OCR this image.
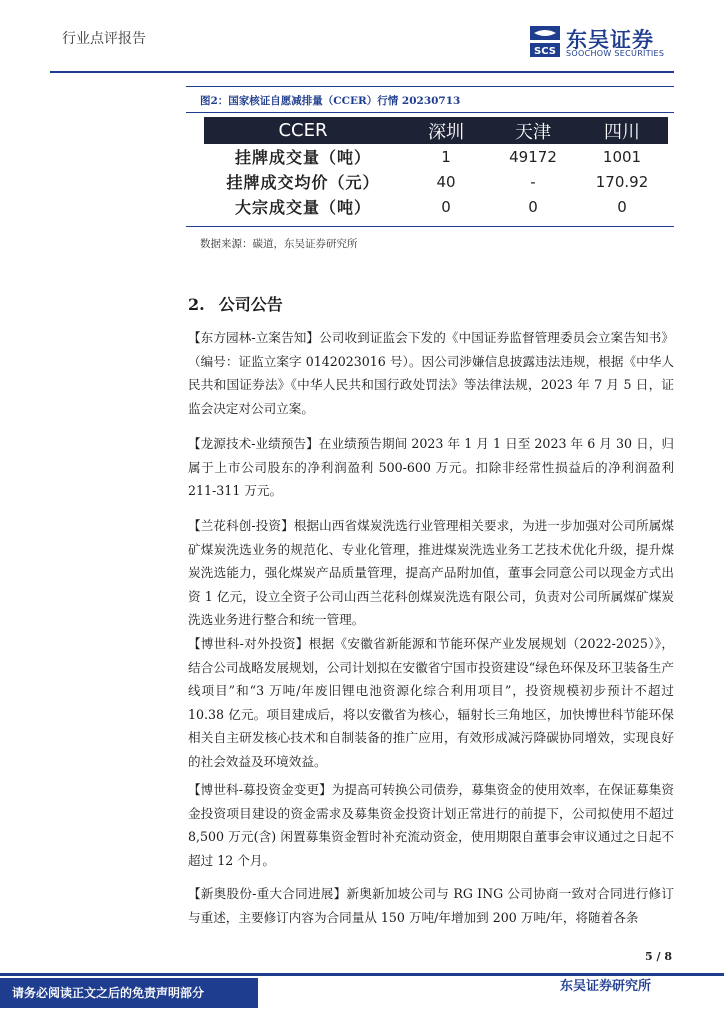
行业点评报告
SCS 东吴证券
SOOCHOW SECURITIES
图2：国家核证自愿减排量（CCER）行情 20230713
CCER	深圳	天津	四川
挂牌成交量（吨）	1	49172	1001
挂牌成交均价（元）	40	-	170.92
大宗成交量（吨）	0	0	0
数据来源：碳道，东吴证券研究所
2. 公司公告
【东方园林-立案告知】公司收到证监会下发的《中国证券监督管理委员会立案告知书》（编号：证监立案字 0142023016 号）。因公司涉嫌信息披露违法违规，根据《中华人民共和国证券法》《中华人民共和国行政处罚法》等法律法规，2023 年 7 月 5 日，证监会决定对公司立案。
【龙源技术-业绩预告】在业绩预告期间 2023 年 1 月 1 日至 2023 年 6 月 30 日，归属于上市公司股东的净利润盈利 500-600 万元。扣除非经常性损益后的净利润盈利 211-311 万元。
【兰花科创-投资】根据山西省煤炭洗选行业管理相关要求，为进一步加强对公司所属煤矿煤炭洗选业务的规范化、专业化管理，推进煤炭洗选业务工艺技术优化升级，提升煤炭洗选能力，强化煤炭产品质量管理，提高产品附加值，董事会同意公司以现金方式出资 1 亿元，设立全资子公司山西兰花科创煤炭洗选有限公司，负责对公司所属煤矿煤炭洗选业务进行整合和统一管理。
【博世科-对外投资】根据《安徽省新能源和节能环保产业发展规划（2022-2025）》，结合公司战略发展规划，公司计划拟在安徽省宁国市投资建设“绿色环保及环卫装备生产线项目”和“3 万吨/年废旧锂电池资源化综合利用项目”，投资规模初步预计不超过 10.38 亿元。项目建成后，将以安徽省为核心，辐射长三角地区，加快博世科节能环保相关自主研发核心技术和自制装备的推广应用，有效形成减污降碳协同增效，实现良好的社会效益及环境效益。
【博世科-募投资金变更】为提高可转换公司债券，募集资金的使用效率，在保证募集资金投资项目建设的资金需求及募集资金投资计划正常进行的前提下，公司拟使用不超过 8,500 万元(含) 闲置募集资金暂时补充流动资金，使用期限自董事会审议通过之日起不超过 12 个月。
【新奥股份-重大合同进展】新奥新加坡公司与 RG ING 公司协商一致对合同进行修订与重述，主要修订内容为合同量从 150 万吨/年增加到 200 万吨/年，将随着各条
5 / 8
东吴证券研究所
请务必阅读正文之后的免责声明部分
